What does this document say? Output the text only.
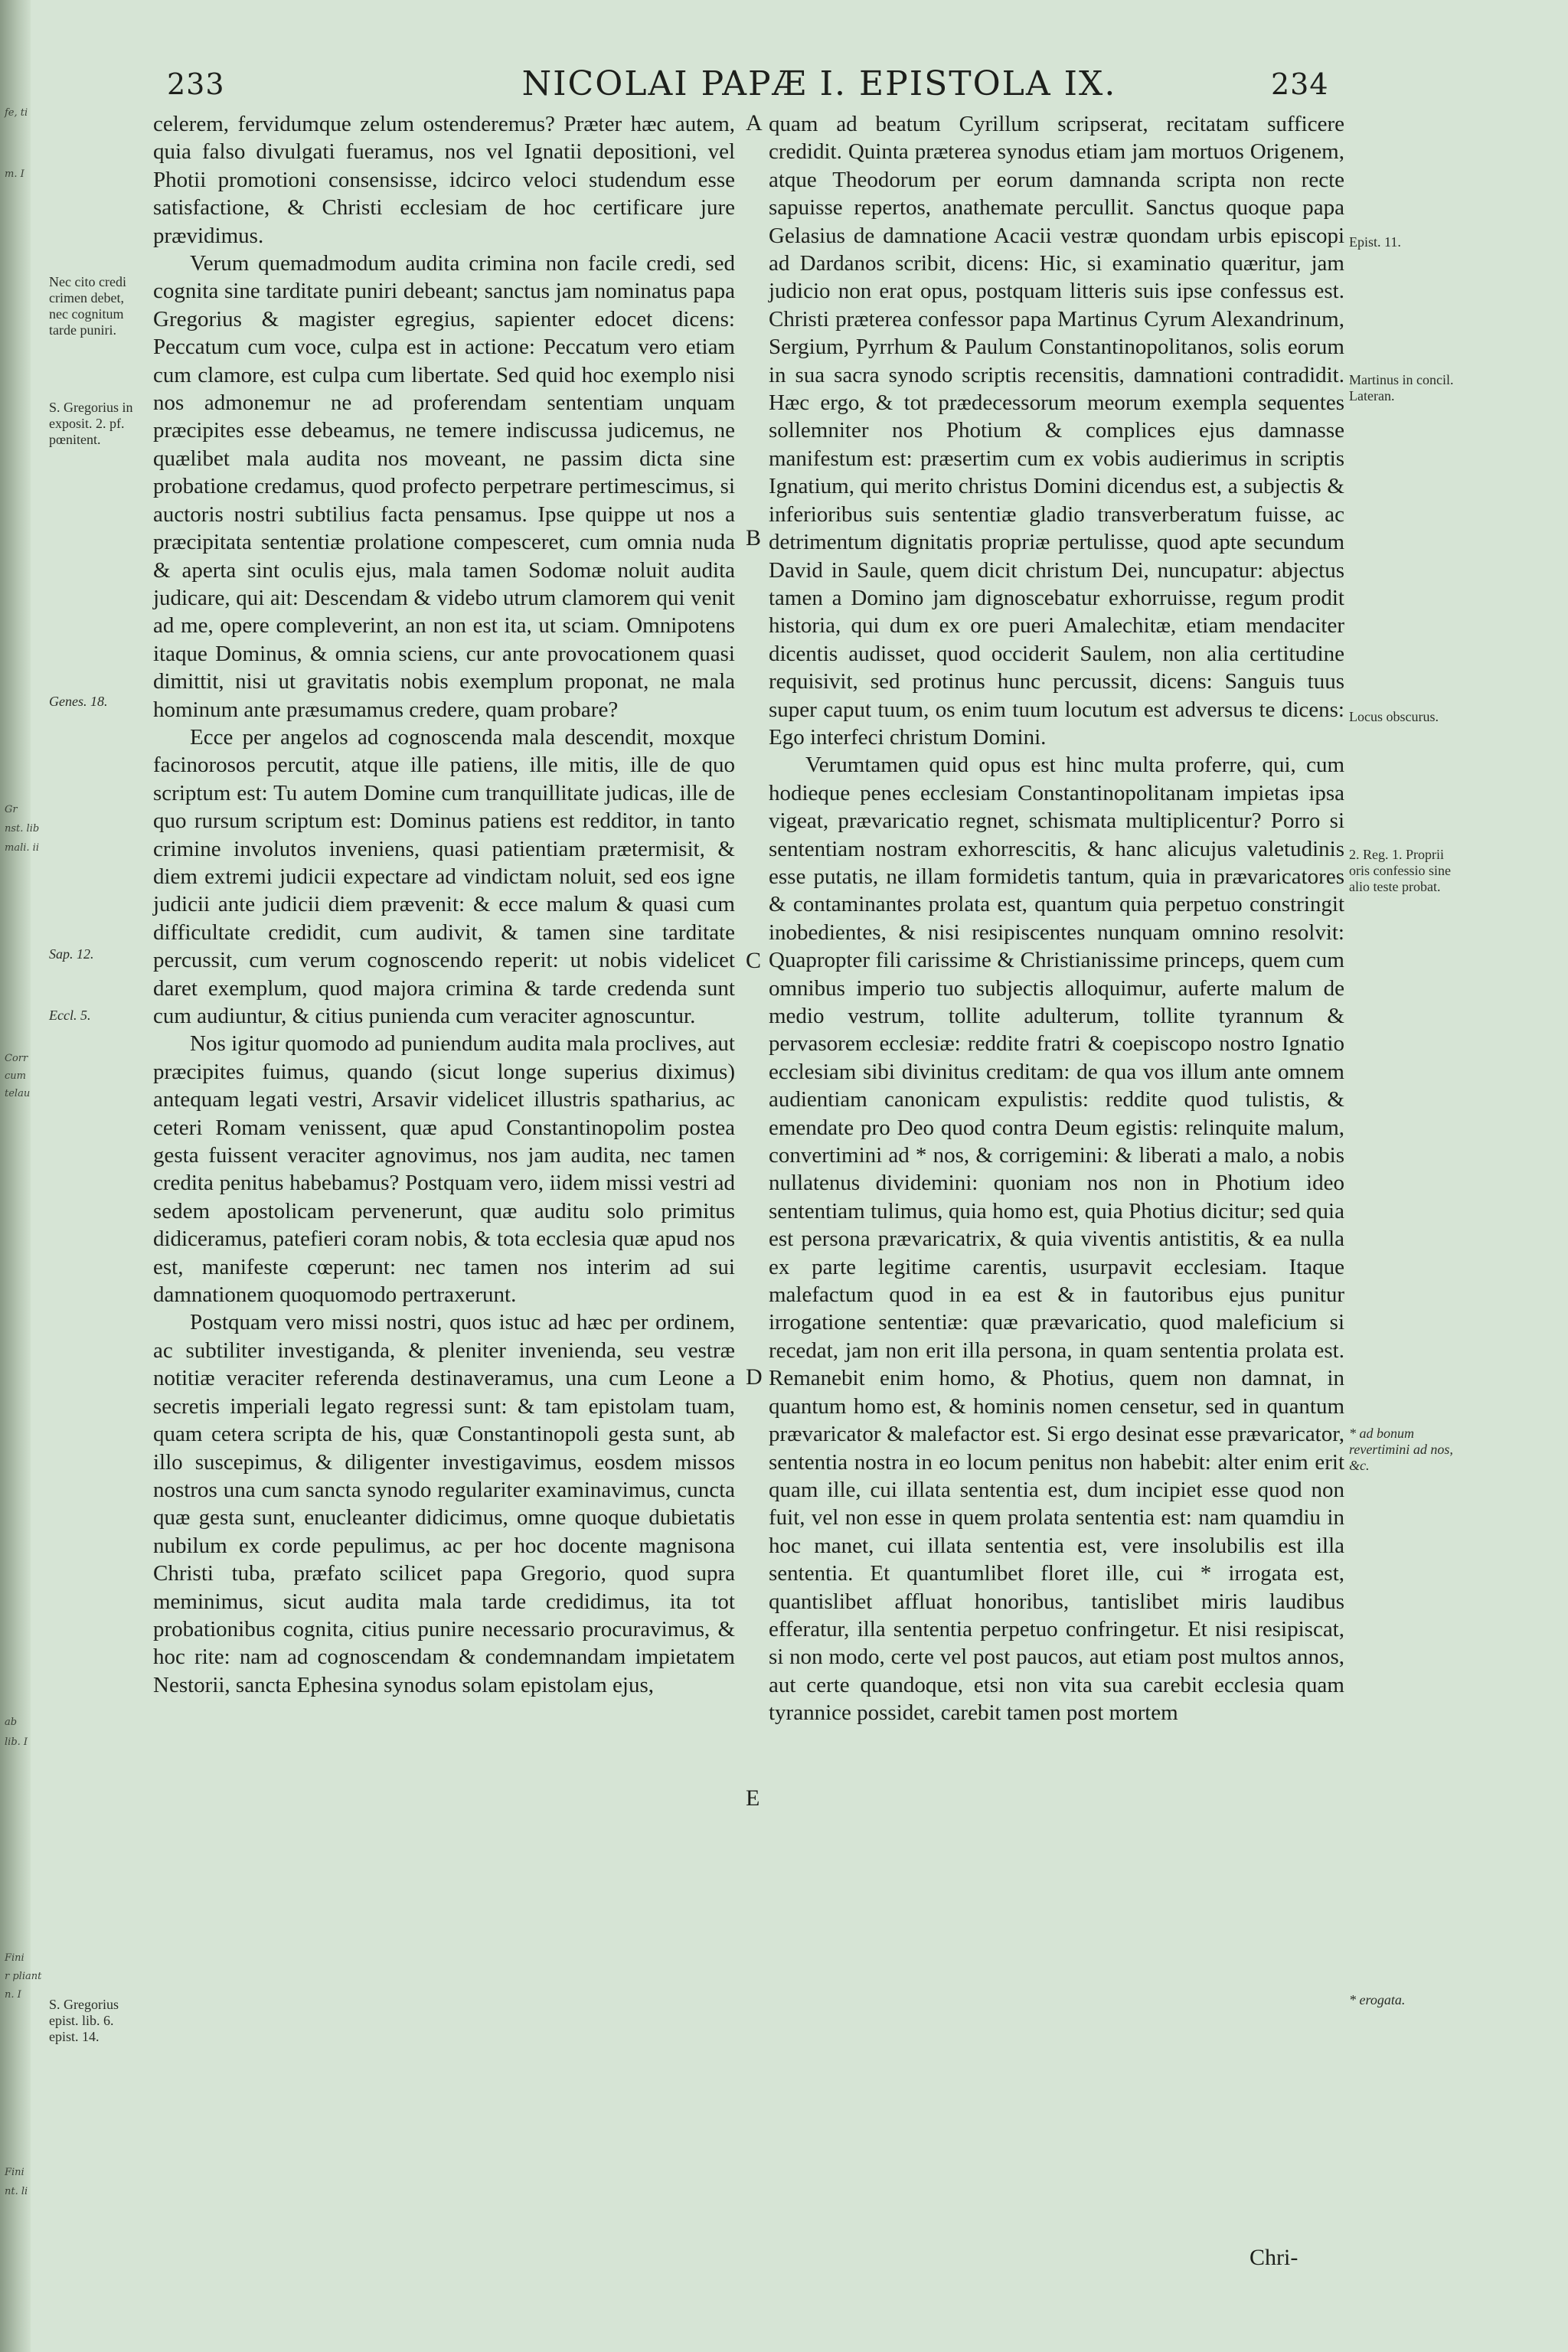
fe, ti
m. I
Gr
nst. lib
mali. ii
Corr
cum
telau
ab
lib. I
Fini
r pliant
n. I
Fini
nt. li
233	NICOLAI PAPÆ I. EPISTOLA IX.	234

celerem, fervidumque zelum ostenderemus? Præter hæc autem, quia falso divulgati fueramus, nos vel Ignatii depositioni, vel Photii promotioni consensisse, idcirco veloci studendum esse satisfactione, & Christi ecclesiam de hoc certificare jure prævidimus.

Verum quemadmodum audita crimina non facile credi, sed cognita sine tarditate puniri debeant; sanctus jam nominatus papa Gregorius & magister egregius, sapienter edocet dicens: Peccatum cum voce, culpa est in actione: Peccatum vero etiam cum clamore, est culpa cum libertate. Sed quid hoc exemplo nisi nos admonemur ne ad proferendam sententiam unquam præcipites esse debeamus, ne temere indiscussa judicemus, ne quælibet mala audita nos moveant, ne passim dicta sine probatione credamus, quod profecto perpetrare pertimescimus, si auctoris nostri subtilius facta pensamus. Ipse quippe ut nos a præcipitata sententiæ prolatione compesceret, cum omnia nuda & aperta sint oculis ejus, mala tamen Sodomæ noluit audita judicare, qui ait: Descendam & videbo utrum clamorem qui venit ad me, opere compleverint, an non est ita, ut sciam. Omnipotens itaque Dominus, & omnia sciens, cur ante provocationem quasi dimittit, nisi ut gravitatis nobis exemplum proponat, ne mala hominum ante præsumamus credere, quam probare?

Ecce per angelos ad cognoscenda mala descendit, moxque facinorosos percutit, atque ille patiens, ille mitis, ille de quo scriptum est: Tu autem Domine cum tranquillitate judicas, ille de quo rursum scriptum est: Dominus patiens est redditor, in tanto crimine involutos inveniens, quasi patientiam prætermisit, & diem extremi judicii expectare ad vindictam noluit, sed eos igne judicii ante judicii diem prævenit: & ecce malum & quasi cum difficultate credidit, cum audivit, & tamen sine tarditate percussit, cum verum cognoscendo reperit: ut nobis videlicet daret exemplum, quod majora crimina & tarde credenda sunt cum audiuntur, & citius punienda cum veraciter agnoscuntur.

Nos igitur quomodo ad puniendum audita mala proclives, aut præcipites fuimus, quando (sicut longe superius diximus) antequam legati vestri, Arsavir videlicet illustris spatharius, ac ceteri Romam venissent, quæ apud Constantinopolim postea gesta fuissent veraciter agnovimus, nos jam audita, nec tamen credita penitus habebamus? Postquam vero, iidem missi vestri ad sedem apostolicam pervenerunt, quæ auditu solo primitus didiceramus, patefieri coram nobis, & tota ecclesia quæ apud nos est, manifeste cœperunt: nec tamen nos interim ad sui damnationem quoquomodo pertraxerunt.

Postquam vero missi nostri, quos istuc ad hæc per ordinem, ac subtiliter investiganda, & pleniter invenienda, seu vestræ notitiæ veraciter referenda destinaveramus, una cum Leone a secretis imperiali legato regressi sunt: & tam epistolam tuam, quam cetera scripta de his, quæ Constantinopoli gesta sunt, ab illo suscepimus, & diligenter investigavimus, eosdem missos nostros una cum sancta synodo regulariter examinavimus, cuncta quæ gesta sunt, enucleanter didicimus, omne quoque dubietatis nubilum ex corde pepulimus, ac per hoc docente magnisona Christi tuba, præfato scilicet papa Gregorio, quod supra meminimus, sicut audita mala tarde credidimus, ita tot probationibus cognita, citius punire necessario procuravimus, & hoc rite: nam ad cognoscendam & condemnandam impietatem Nestorii, sancta Ephesina synodus solam epistolam ejus,

quam ad beatum Cyrillum scripserat, recitatam sufficere credidit. Quinta præterea synodus etiam jam mortuos Origenem, atque Theodorum per eorum damnanda scripta non recte sapuisse repertos, anathemate percullit. Sanctus quoque papa Gelasius de damnatione Acacii vestræ quondam urbis episcopi ad Dardanos scribit, dicens: Hic, si examinatio quæritur, jam judicio non erat opus, postquam litteris suis ipse confessus est. Christi præterea confessor papa Martinus Cyrum Alexandrinum, Sergium, Pyrrhum & Paulum Constantinopolitanos, solis eorum in sua sacra synodo scriptis recensitis, damnationi contradidit. Hæc ergo, & tot prædecessorum meorum exempla sequentes sollemniter nos Photium & complices ejus damnasse manifestum est: præsertim cum ex vobis audierimus in scriptis Ignatium, qui merito christus Domini dicendus est, a subjectis & inferioribus suis sententiæ gladio transverberatum fuisse, ac detrimentum dignitatis propriæ pertulisse, quod apte secundum David in Saule, quem dicit christum Dei, nuncupatur: abjectus tamen a Domino jam dignoscebatur exhorruisse, regum prodit historia, qui dum ex ore pueri Amalechitæ, etiam mendaciter dicentis audisset, quod occiderit Saulem, non alia certitudine requisivit, sed protinus hunc percussit, dicens: Sanguis tuus super caput tuum, os enim tuum locutum est adversus te dicens: Ego interfeci christum Domini.

Verumtamen quid opus est hinc multa proferre, qui, cum hodieque penes ecclesiam Constantinopolitanam impietas ipsa vigeat, prævaricatio regnet, schismata multiplicentur? Porro si sententiam nostram exhorrescitis, & hanc alicujus valetudinis esse putatis, ne illam formidetis tantum, quia in prævaricatores & contaminantes prolata est, quantum quia perpetuo constringit inobedientes, & nisi resipiscentes nunquam omnino resolvit: Quapropter fili carissime & Christianissime princeps, quem cum omnibus imperio tuo subjectis alloquimur, auferte malum de medio vestrum, tollite adulterum, tollite tyrannum & pervasorem ecclesiæ: reddite fratri & coepiscopo nostro Ignatio ecclesiam sibi divinitus creditam: de qua vos illum ante omnem audientiam canonicam expulistis: reddite quod tulistis, & emendate pro Deo quod contra Deum egistis: relinquite malum, convertimini ad * nos, & corrigemini: & liberati a malo, a nobis nullatenus dividemini: quoniam nos non in Photium ideo sententiam tulimus, quia homo est, quia Photius dicitur; sed quia est persona prævaricatrix, & quia viventis antistitis, & ea nulla ex parte legitime carentis, usurpavit ecclesiam. Itaque malefactum quod in ea est & in fautoribus ejus punitur irrogatione sententiæ: quæ prævaricatio, quod maleficium si recedat, jam non erit illa persona, in quam sententia prolata est. Remanebit enim homo, & Photius, quem non damnat, in quantum homo est, & hominis nomen censetur, sed in quantum prævaricator & malefactor est. Si ergo desinat esse prævaricator, sententia nostra in eo locum penitus non habebit: alter enim erit quam ille, cui illata sententia est, dum incipiet esse quod non fuit, vel non esse in quem prolata sententia est: nam quamdiu in hoc manet, cui illata sententia est, vere insolubilis est illa sententia. Et quantumlibet floret ille, cui * irrogata est, quantislibet affluat honoribus, tantislibet miris laudibus efferatur, illa sententia perpetuo confringetur. Et nisi resipiscat, si non modo, certe vel post paucos, aut etiam post multos annos, aut certe quandoque, etsi non vita sua carebit ecclesia quam tyrannice possidet, carebit tamen post mortem

A
B
C
D
E
Nec cito credi crimen debet, nec cognitum tarde puniri.
S. Gregorius in exposit. 2. pf. pœnitent.
Genes. 18.
Sap. 12.
Eccl. 5.
S. Gregorius epist. lib. 6. epist. 14.
Epist. 11.
Martinus in concil. Lateran.
Locus obscurus.
2. Reg. 1. Proprii oris confessio sine alio teste probat.
* ad bonum revertimini ad nos, &c.
* erogata.
Chri-
